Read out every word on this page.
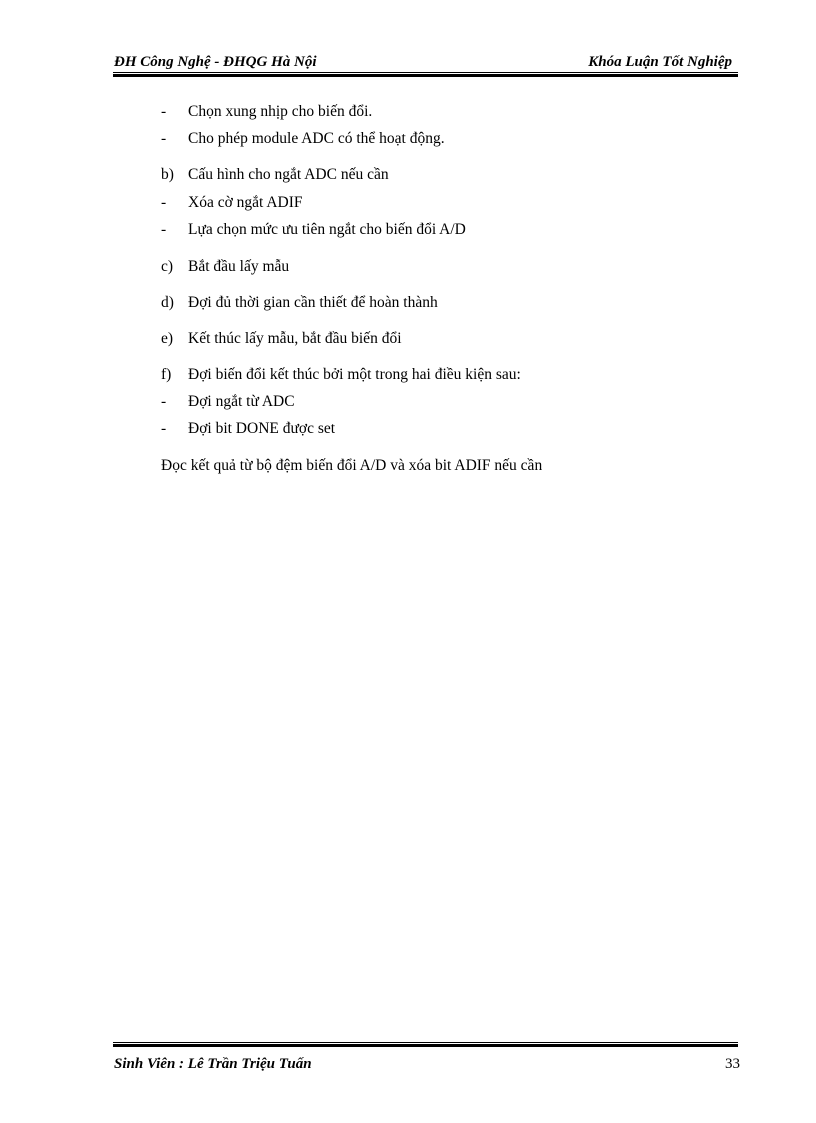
ĐH Công Nghệ - ĐHQG Hà Nội	Khóa Luận Tốt Nghiệp
-	Chọn xung nhịp cho biến đổi.
-	Cho phép module ADC có thể hoạt động.
b) Cấu hình cho ngắt ADC nếu cần
-	Xóa cờ ngắt ADIF
-	Lựa chọn mức ưu tiên ngắt cho biến đổi A/D
c) Bắt đầu lấy mẫu
d) Đợi đủ thời gian cần thiết để hoàn thành
e) Kết thúc lấy mẫu, bắt đầu biến đổi
f)	Đợi biến đổi kết thúc bởi một trong hai điều kiện sau:
-	Đợi ngắt từ ADC
-	Đợi bit DONE được set
Đọc kết quả từ bộ đệm biến đổi A/D và xóa bit ADIF nếu cần
Sinh Viên : Lê Trần Triệu Tuấn	33
